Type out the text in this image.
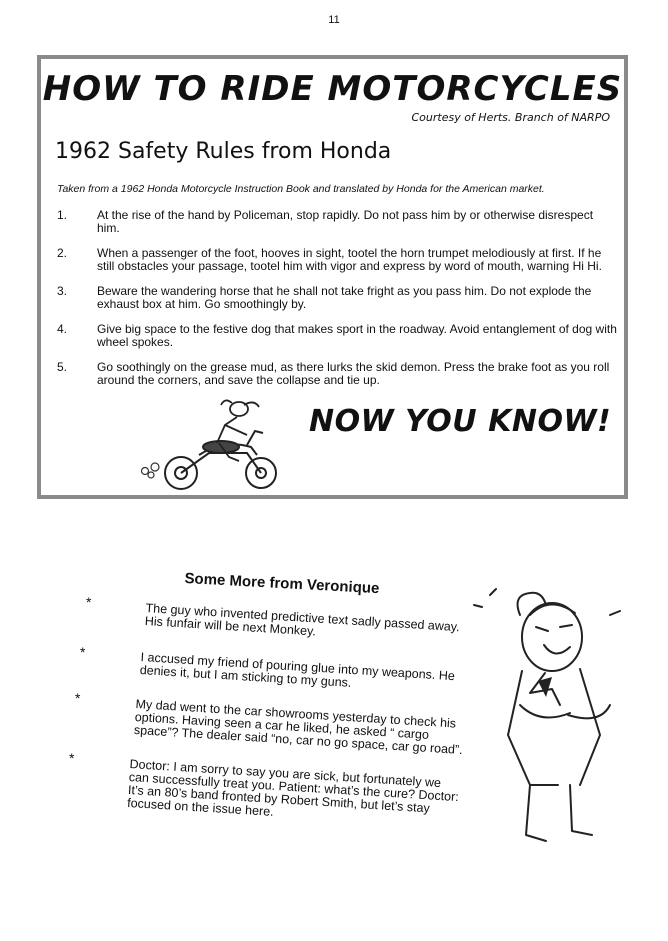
11
HOW TO RIDE MOTORCYCLES
Courtesy of Herts. Branch of NARPO
1962 Safety Rules from Honda
Taken from a 1962 Honda Motorcycle Instruction Book and translated by Honda for the American market.
1.	At the rise of the hand by Policeman, stop rapidly. Do not pass him by or otherwise disrespect him.
2.	When a passenger of the foot, hooves in sight, tootel the horn trumpet melodiously at first. If he still obstacles your passage, tootel him with vigor and express by word of mouth, warning Hi Hi.
3.	Beware the wandering horse that he shall not take fright as you pass him. Do not explode the exhaust box at him. Go smoothingly by.
4.	Give big space to the festive dog that makes sport in the roadway. Avoid entanglement of dog with wheel spokes.
5.	Go soothingly on the grease mud, as there lurks the skid demon. Press the brake foot as you roll around the corners, and save the collapse and tie up.
NOW YOU KNOW!
Some More from Veronique
*	The guy who invented predictive text sadly passed away. His funfair will be next Monkey.
*	I accused my friend of pouring glue into my weapons. He denies it, but I am sticking to my guns.
*	My dad went to the car showrooms yesterday to check his options. Having seen a car he liked, he asked “ cargo space”? The dealer said “no, car no go space, car go road”.
*	Doctor: I am sorry to say you are sick, but fortunately we can successfully treat you. Patient: what’s the cure? Doctor: It’s an 80’s band fronted by Robert Smith, but let’s stay focused on the issue here.
